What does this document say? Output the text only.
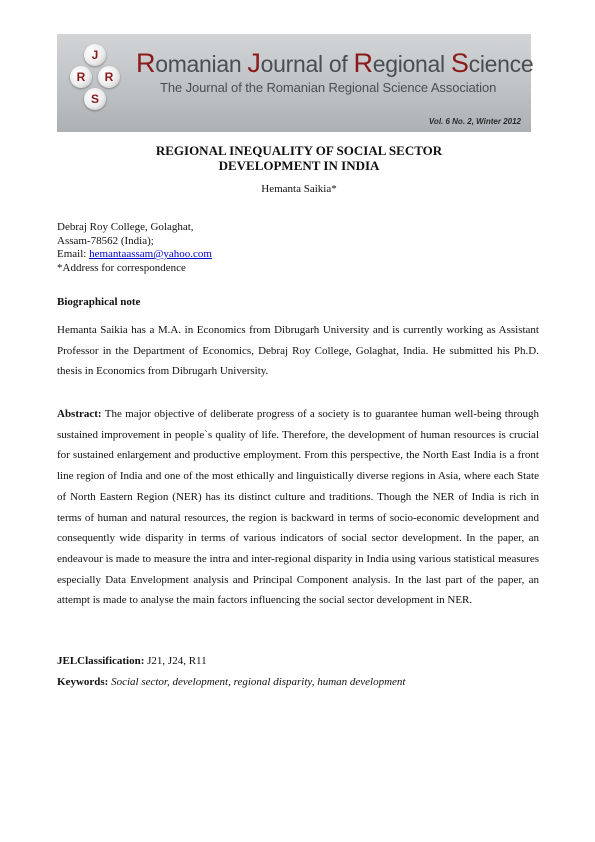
J
R	R
S
Romanian Journal of Regional Science
The Journal of the Romanian Regional Science Association
Vol. 6 No. 2, Winter 2012
REGIONAL INEQUALITY OF SOCIAL SECTOR
DEVELOPMENT IN INDIA
Hemanta Saikia*
Debraj Roy College, Golaghat,
Assam-78562 (India);
Email: hemantaassam@yahoo.com
*Address for correspondence
Biographical note
Hemanta Saikia has a M.A. in Economics from Dibrugarh University and is currently working as Assistant Professor in the Department of Economics, Debraj Roy College, Golaghat, India. He submitted his Ph.D. thesis in Economics from Dibrugarh University.
Abstract: The major objective of deliberate progress of a society is to guarantee human well-being through sustained improvement in people`s quality of life. Therefore, the development of human resources is crucial for sustained enlargement and productive employment. From this perspective, the North East India is a front line region of India and one of the most ethically and linguistically diverse regions in Asia, where each State of North Eastern Region (NER) has its distinct culture and traditions. Though the NER of India is rich in terms of human and natural resources, the region is backward in terms of socio-economic development and consequently wide disparity in terms of various indicators of social sector development. In the paper, an endeavour is made to measure the intra and inter-regional disparity in India using various statistical measures especially Data Envelopment analysis and Principal Component analysis. In the last part of the paper, an attempt is made to analyse the main factors influencing the social sector development in NER.
JELClassification: J21, J24, R11
Keywords: Social sector, development, regional disparity, human development
